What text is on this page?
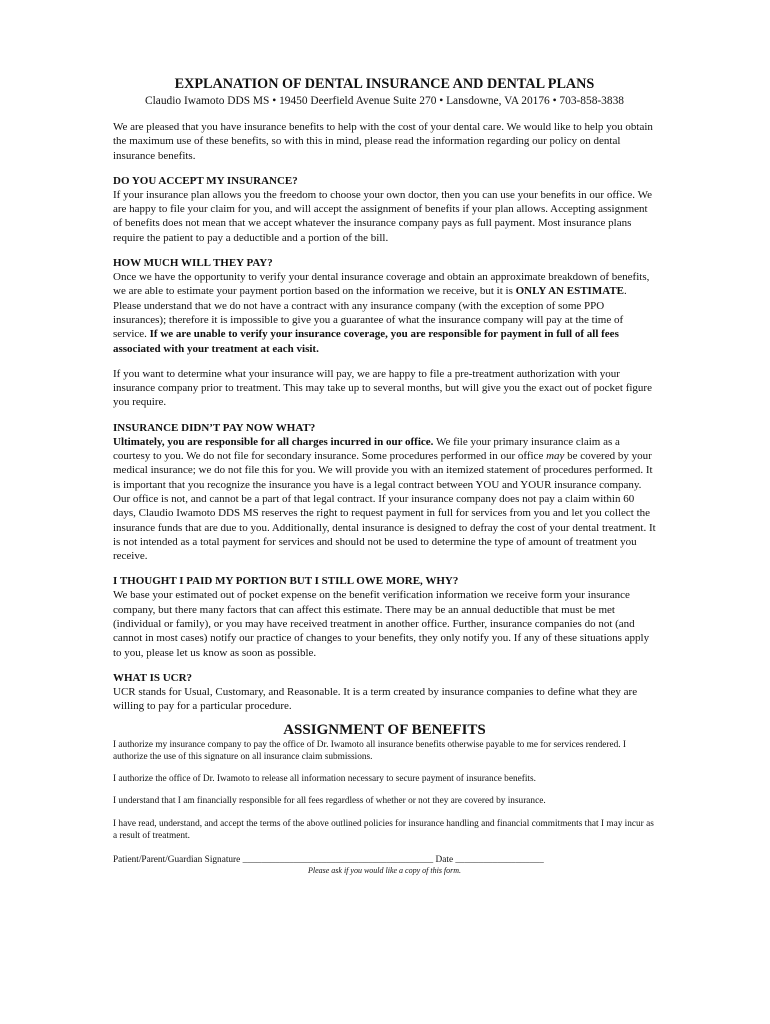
EXPLANATION OF DENTAL INSURANCE AND DENTAL PLANS

Claudio Iwamoto DDS MS • 19450 Deerfield Avenue Suite 270 • Lansdowne, VA 20176 • 703-858-3838

We are pleased that you have insurance benefits to help with the cost of your dental care. We would like to help you obtain the maximum use of these benefits, so with this in mind, please read the information regarding our policy on dental insurance benefits.

DO YOU ACCEPT MY INSURANCE?

If your insurance plan allows you the freedom to choose your own doctor, then you can use your benefits in our office. We are happy to file your claim for you, and will accept the assignment of benefits if your plan allows. Accepting assignment of benefits does not mean that we accept whatever the insurance company pays as full payment. Most insurance plans require the patient to pay a deductible and a portion of the bill.

HOW MUCH WILL THEY PAY?

Once we have the opportunity to verify your dental insurance coverage and obtain an approximate breakdown of benefits, we are able to estimate your payment portion based on the information we receive, but it is ONLY AN ESTIMATE. Please understand that we do not have a contract with any insurance company (with the exception of some PPO insurances); therefore it is impossible to give you a guarantee of what the insurance company will pay at the time of service. If we are unable to verify your insurance coverage, you are responsible for payment in full of all fees associated with your treatment at each visit.

If you want to determine what your insurance will pay, we are happy to file a pre-treatment authorization with your insurance company prior to treatment. This may take up to several months, but will give you the exact out of pocket figure you require.

INSURANCE DIDN’T PAY NOW WHAT?

Ultimately, you are responsible for all charges incurred in our office. We file your primary insurance claim as a courtesy to you. We do not file for secondary insurance. Some procedures performed in our office may be covered by your medical insurance; we do not file this for you. We will provide you with an itemized statement of procedures performed. It is important that you recognize the insurance you have is a legal contract between YOU and YOUR insurance company. Our office is not, and cannot be a part of that legal contract. If your insurance company does not pay a claim within 60 days, Claudio Iwamoto DDS MS reserves the right to request payment in full for services from you and let you collect the insurance funds that are due to you. Additionally, dental insurance is designed to defray the cost of your dental treatment. It is not intended as a total payment for services and should not be used to determine the type of amount of treatment you receive.

I THOUGHT I PAID MY PORTION BUT I STILL OWE MORE, WHY?

We base your estimated out of pocket expense on the benefit verification information we receive form your insurance company, but there many factors that can affect this estimate. There may be an annual deductible that must be met (individual or family), or you may have received treatment in another office. Further, insurance companies do not (and cannot in most cases) notify our practice of changes to your benefits, they only notify you. If any of these situations apply to you, please let us know as soon as possible.

WHAT IS UCR?

UCR stands for Usual, Customary, and Reasonable. It is a term created by insurance companies to define what they are willing to pay for a particular procedure.

ASSIGNMENT OF BENEFITS

I authorize my insurance company to pay the office of Dr. Iwamoto all insurance benefits otherwise payable to me for services rendered. I authorize the use of this signature on all insurance claim submissions.

I authorize the office of Dr. Iwamoto to release all information necessary to secure payment of insurance benefits.

I understand that I am financially responsible for all fees regardless of whether or not they are covered by insurance.

I have read, understand, and accept the terms of the above outlined policies for insurance handling and financial commitments that I may incur as a result of treatment.

Patient/Parent/Guardian Signature _________________________________________ Date ___________________

Please ask if you would like a copy of this form.
